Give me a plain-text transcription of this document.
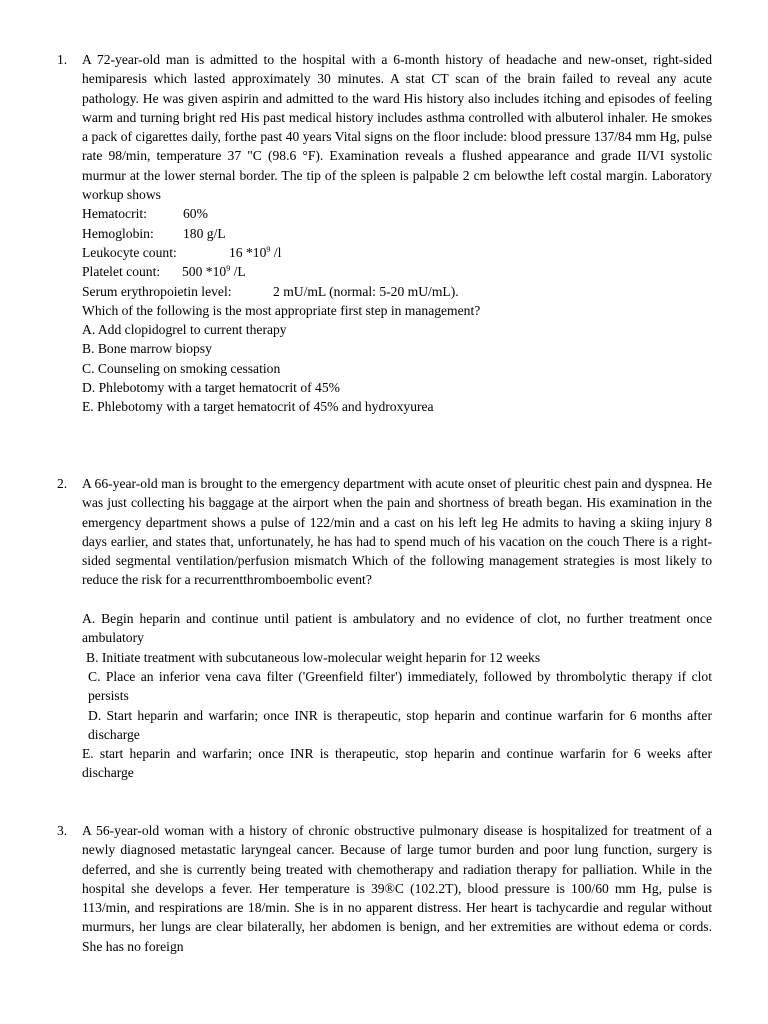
1. A 72-year-old man is admitted to the hospital with a 6-month history of headache and new-onset, right-sided hemiparesis which lasted approximately 30 minutes. A stat CT scan of the brain failed to reveal any acute pathology. He was given aspirin and admitted to the ward His history also includes itching and episodes of feeling warm and turning bright red His past medical history includes asthma controlled with albuterol inhaler. He smokes a pack of cigarettes daily, forthe past 40 years Vital signs on the floor include: blood pressure 137/84 mm Hg, pulse rate 98/min, temperature 37 "C (98.6 °F). Examination reveals a flushed appearance and grade II/VI systolic murmur at the lower sternal border. The tip of the spleen is palpable 2 cm belowthe left costal margin. Laboratory workup shows

Hematocrit:	60%

Hemoglobin: 180 g/L

Leukocyte count:	16 $*10^9$ /l

Platelet count: 500 $*10^9$ /L

Serum erythropoietin level:	2 mU/mL (normal: 5-20 mU/mL).

Which of the following is the most appropriate first step in management?

A. Add clopidogrel to current therapy

B. Bone marrow biopsy

C. Counseling on smoking cessation

D. Phlebotomy with a target hematocrit of 45%

E. Phlebotomy with a target hematocrit of 45% and hydroxyurea

2. A 66-year-old man is brought to the emergency department with acute onset of pleuritic chest pain and dyspnea. He was just collecting his baggage at the airport when the pain and shortness of breath began. His examination in the emergency department shows a pulse of 122/min and a cast on his left leg He admits to having a skiing injury 8 days earlier, and states that, unfortunately, he has had to spend much of his vacation on the couch There is a right-sided segmental ventilation/perfusion mismatch Which of the following management strategies is most likely to reduce the risk for a recurrentthromboembolic event?

A. Begin heparin and continue until patient is ambulatory and no evidence of clot, no further treatment once ambulatory

B. Initiate treatment with subcutaneous low-molecular weight heparin for 12 weeks

C. Place an inferior vena cava filter ('Greenfield filter') immediately, followed by thrombolytic therapy if clot persists

D. Start heparin and warfarin; once INR is therapeutic, stop heparin and continue warfarin for 6 months after discharge

E. start heparin and warfarin; once INR is therapeutic, stop heparin and continue warfarin for 6 weeks after discharge

3. A 56-year-old woman with a history of chronic obstructive pulmonary disease is hospitalized for treatment of a newly diagnosed metastatic laryngeal cancer. Because of large tumor burden and poor lung function, surgery is deferred, and she is currently being treated with chemotherapy and radiation therapy for palliation. While in the hospital she develops a fever. Her temperature is 39®C (102.2T), blood pressure is 100/60 mm Hg, pulse is 113/min, and respirations are 18/min. She is in no apparent distress. Her heart is tachycardie and regular without murmurs, her lungs are clear bilaterally, her abdomen is benign, and her extremities are without edema or cords. She has no foreign
